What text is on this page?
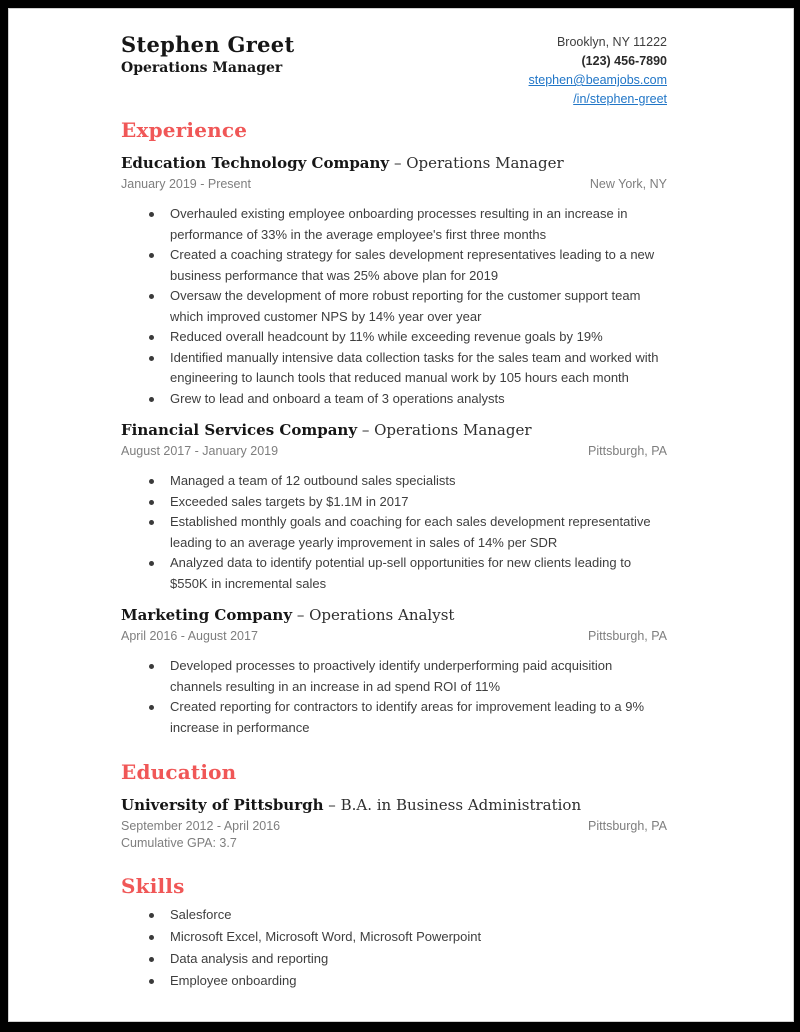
Stephen Greet
Operations Manager
Brooklyn, NY 11222
(123) 456-7890
stephen@beamjobs.com
/in/stephen-greet
Experience
Education Technology Company – Operations Manager
January 2019 - Present	New York, NY
Overhauled existing employee onboarding processes resulting in an increase in performance of 33% in the average employee's first three months
Created a coaching strategy for sales development representatives leading to a new business performance that was 25% above plan for 2019
Oversaw the development of more robust reporting for the customer support team which improved customer NPS by 14% year over year
Reduced overall headcount by 11% while exceeding revenue goals by 19%
Identified manually intensive data collection tasks for the sales team and worked with engineering to launch tools that reduced manual work by 105 hours each month
Grew to lead and onboard a team of 3 operations analysts
Financial Services Company – Operations Manager
August 2017 - January 2019	Pittsburgh, PA
Managed a team of 12 outbound sales specialists
Exceeded sales targets by $1.1M in 2017
Established monthly goals and coaching for each sales development representative leading to an average yearly improvement in sales of 14% per SDR
Analyzed data to identify potential up-sell opportunities for new clients leading to $550K in incremental sales
Marketing Company – Operations Analyst
April 2016 - August 2017	Pittsburgh, PA
Developed processes to proactively identify underperforming paid acquisition channels resulting in an increase in ad spend ROI of 11%
Created reporting for contractors to identify areas for improvement leading to a 9% increase in performance
Education
University of Pittsburgh – B.A. in Business Administration
September 2012 - April 2016	Pittsburgh, PA
Cumulative GPA: 3.7
Skills
Salesforce
Microsoft Excel, Microsoft Word, Microsoft Powerpoint
Data analysis and reporting
Employee onboarding
